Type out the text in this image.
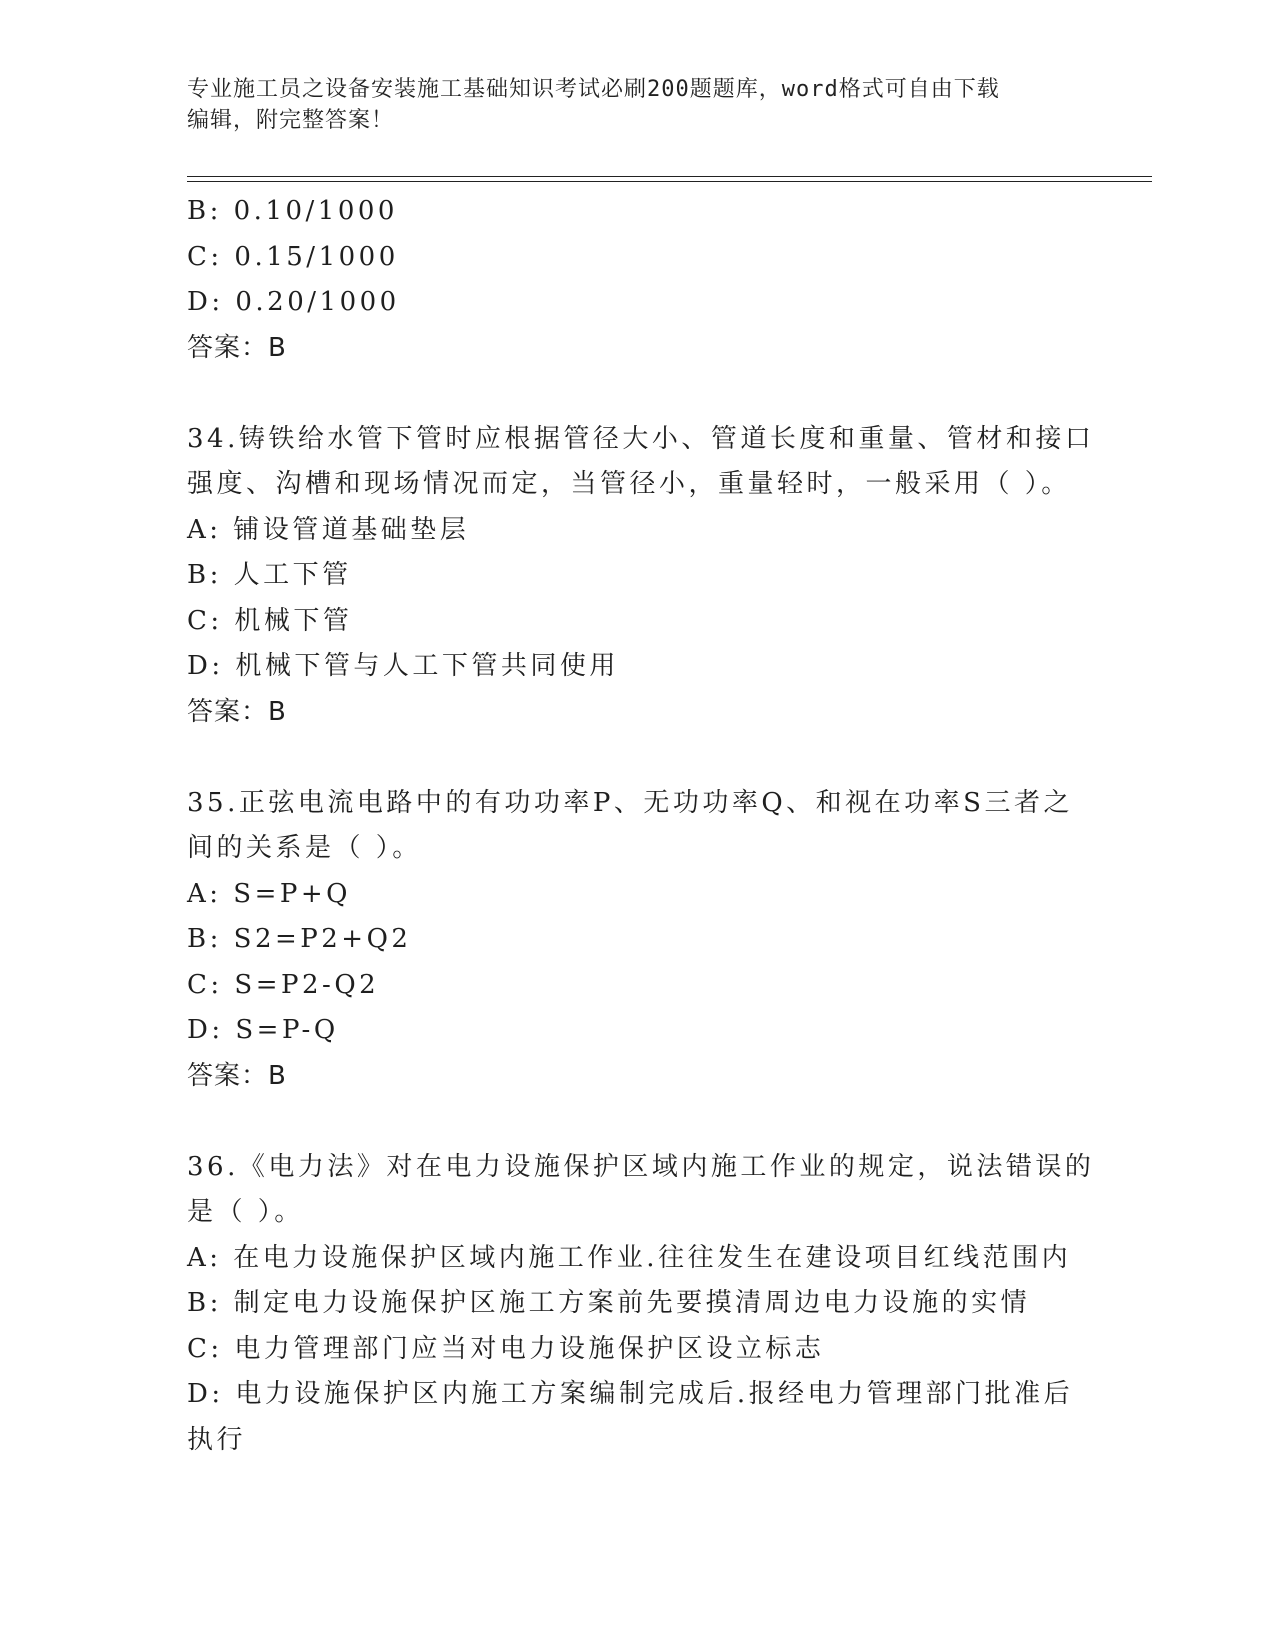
专业施工员之设备安装施工基础知识考试必刷200题题库，word格式可自由下载
编辑，附完整答案！
B: 0.10/1000
C: 0.15/1000
D: 0.20/1000
答案：B
34.铸铁给水管下管时应根据管径大小、管道长度和重量、管材和接口
强度、沟槽和现场情况而定，当管径小，重量轻时，一般采用（ ）。
A: 铺设管道基础垫层
B: 人工下管
C: 机械下管
D: 机械下管与人工下管共同使用
答案：B
35.正弦电流电路中的有功功率P、无功功率Q、和视在功率S三者之
间的关系是（ ）。
A: S=P+Q
B: S2=P2+Q2
C: S=P2-Q2
D: S=P-Q
答案：B
36.《电力法》对在电力设施保护区域内施工作业的规定，说法错误的
是（ ）。
A: 在电力设施保护区域内施工作业.往往发生在建设项目红线范围内
B: 制定电力设施保护区施工方案前先要摸清周边电力设施的实情
C: 电力管理部门应当对电力设施保护区设立标志
D: 电力设施保护区内施工方案编制完成后.报经电力管理部门批准后
执行
